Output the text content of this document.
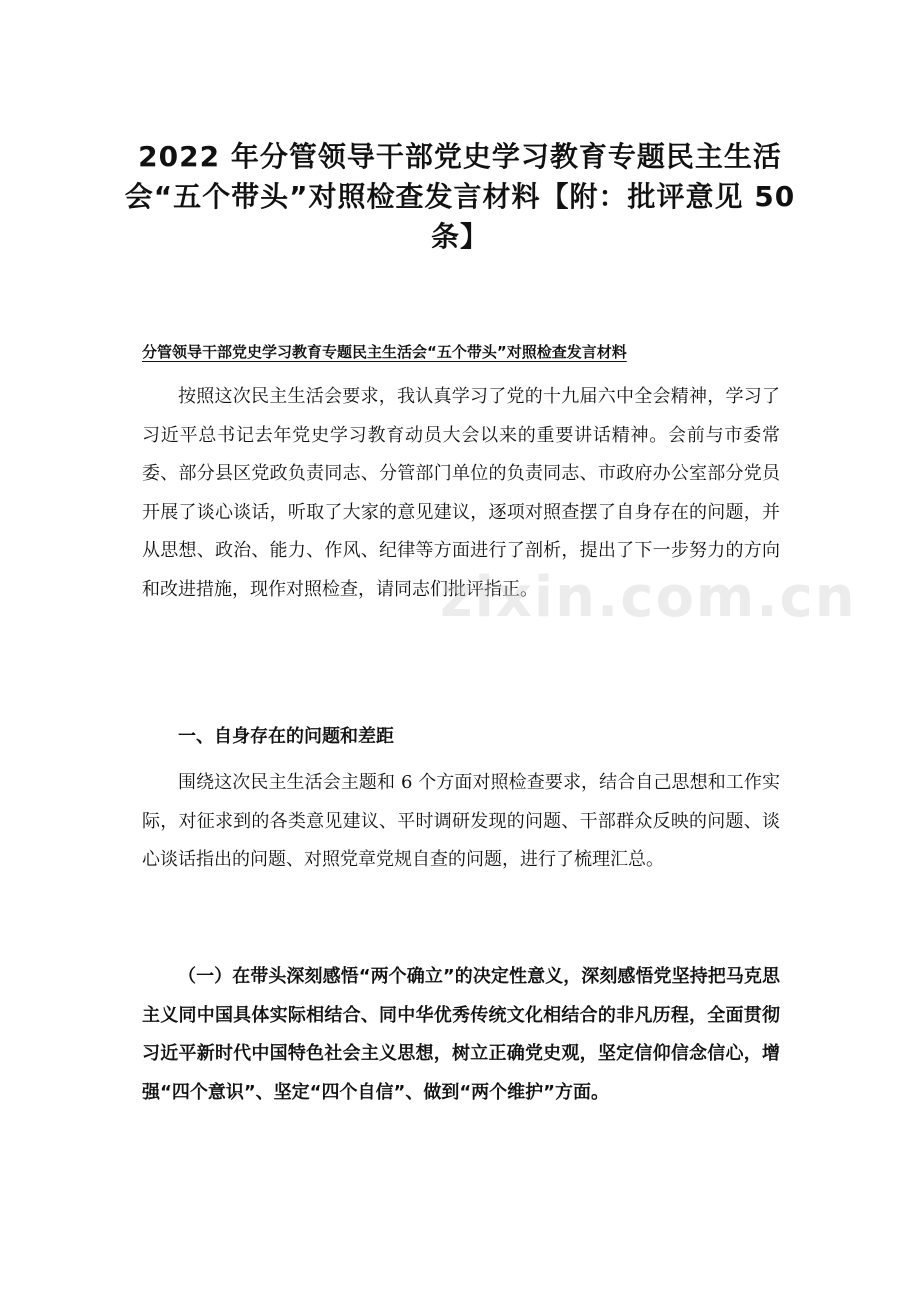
2022 年分管领导干部党史学习教育专题民主生活会“五个带头”对照检查发言材料【附：批评意见 50 条】
分管领导干部党史学习教育专题民主生活会“五个带头”对照检查发言材料

按照这次民主生活会要求，我认真学习了党的十九届六中全会精神，学习了习近平总书记去年党史学习教育动员大会以来的重要讲话精神。会前与市委常委、部分县区党政负责同志、分管部门单位的负责同志、市政府办公室部分党员开展了谈心谈话，听取了大家的意见建议，逐项对照查摆了自身存在的问题，并从思想、政治、能力、作风、纪律等方面进行了剖析，提出了下一步努力的方向和改进措施，现作对照检查，请同志们批评指正。

一、自身存在的问题和差距

围绕这次民主生活会主题和 6 个方面对照检查要求，结合自己思想和工作实际，对征求到的各类意见建议、平时调研发现的问题、干部群众反映的问题、谈心谈话指出的问题、对照党章党规自查的问题，进行了梳理汇总。

（一）在带头深刻感悟“两个确立”的决定性意义，深刻感悟党坚持把马克思主义同中国具体实际相结合、同中华优秀传统文化相结合的非凡历程，全面贯彻习近平新时代中国特色社会主义思想，树立正确党史观，坚定信仰信念信心，增强“四个意识”、坚定“四个自信”、做到“两个维护”方面。

zixin.com.cn
